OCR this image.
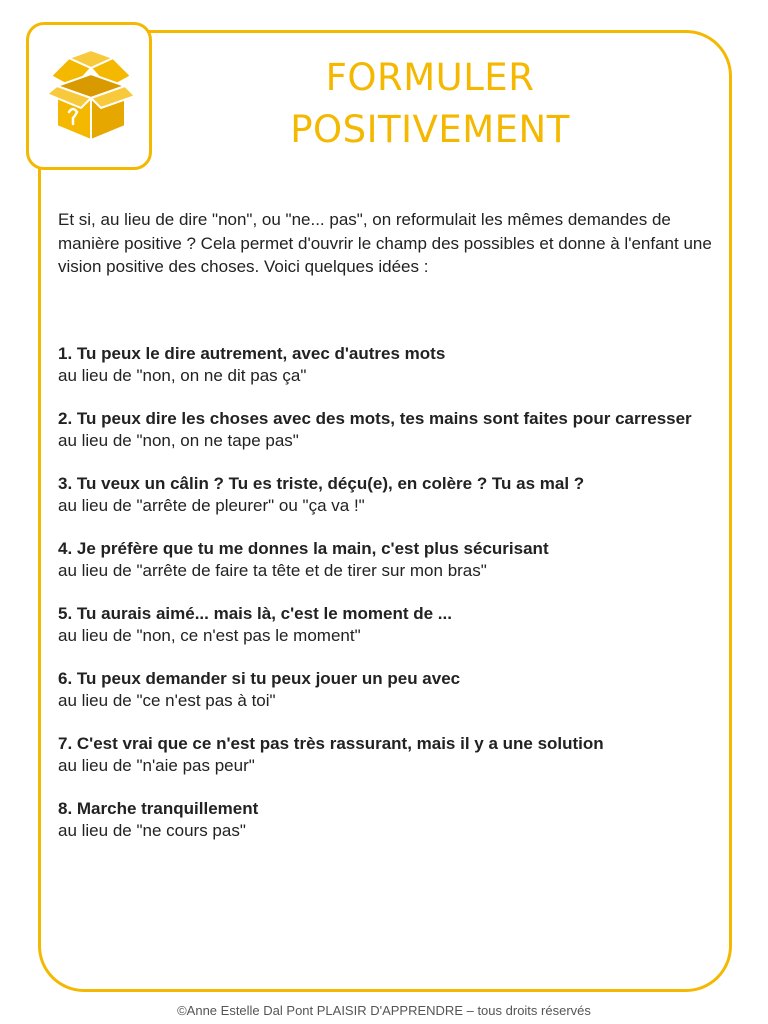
FORMULER
POSITIVEMENT

Et si, au lieu de dire "non", ou "ne... pas", on reformulait les mêmes demandes de manière positive ? Cela permet d'ouvrir le champ des possibles et donne à l'enfant une vision positive des choses. Voici quelques idées :

1. Tu peux le dire autrement, avec d'autres mots
au lieu de "non, on ne dit pas ça"
2. Tu peux dire les choses avec des mots, tes mains sont faites pour carresser
au lieu de "non, on ne tape pas"
3. Tu veux un câlin ? Tu es triste, déçu(e), en colère ? Tu as mal ?
au lieu de "arrête de pleurer" ou "ça va !"
4. Je préfère que tu me donnes la main, c'est plus sécurisant
au lieu de "arrête de faire ta tête et de tirer sur mon bras"
5. Tu aurais aimé... mais là, c'est le moment de ...
au lieu de "non, ce n'est pas le moment"
6. Tu peux demander si tu peux jouer un peu avec
au lieu de "ce n'est pas à toi"
7. C'est vrai que ce n'est pas très rassurant, mais il y a une solution
au lieu de "n'aie pas peur"
8. Marche tranquillement
au lieu de "ne cours pas"
©Anne Estelle Dal Pont PLAISIR D'APPRENDRE – tous droits réservés
